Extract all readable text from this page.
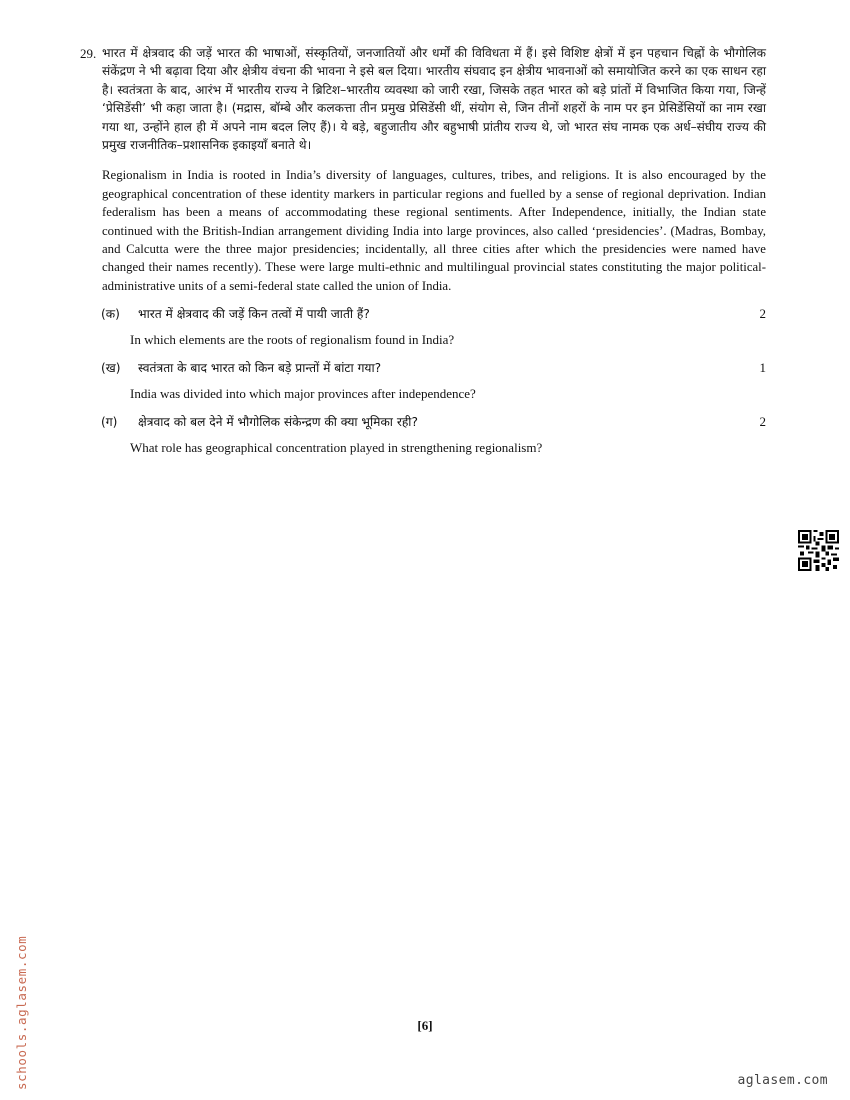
29. भारत में क्षेत्रवाद की जड़ें भारत की भाषाओं, संस्कृतियों, जनजातियों और धर्मों की विविधता में हैं। इसे विशिष्ट क्षेत्रों में इन पहचान चिह्नों के भौगोलिक संकेंद्रण ने भी बढ़ावा दिया और क्षेत्रीय वंचना की भावना ने इसे बल दिया। भारतीय संघवाद इन क्षेत्रीय भावनाओं को समायोजित करने का एक साधन रहा है। स्वतंत्रता के बाद, आरंभ में भारतीय राज्य ने ब्रिटिश–भारतीय व्यवस्था को जारी रखा, जिसके तहत भारत को बड़े प्रांतों में विभाजित किया गया, जिन्हें ‘प्रेसिडेंसी’ भी कहा जाता है। (मद्रास, बॉम्बे और कलकत्ता तीन प्रमुख प्रेसिडेंसी थीं, संयोग से, जिन तीनों शहरों के नाम पर इन प्रेसिडेंसियों का नाम रखा गया था, उन्होंने हाल ही में अपने नाम बदल लिए हैं)। ये बड़े, बहुजातीय और बहुभाषी प्रांतीय राज्य थे, जो भारत संघ नामक एक अर्ध–संघीय राज्य की प्रमुख राजनीतिक–प्रशासनिक इकाइयाँ बनाते थे।
Regionalism in India is rooted in India’s diversity of languages, cultures, tribes, and religions. It is also encouraged by the geographical concentration of these identity markers in particular regions and fuelled by a sense of regional deprivation. Indian federalism has been a means of accommodating these regional sentiments. After Independence, initially, the Indian state continued with the British-Indian arrangement dividing India into large provinces, also called ‘presidencies’. (Madras, Bombay, and Calcutta were the three major presidencies; incidentally, all three cities after which the presidencies were named have changed their names recently). These were large multi-ethnic and multilingual provincial states constituting the major political-administrative units of a semi-federal state called the union of India.
(क) भारत में क्षेत्रवाद की जड़ें किन तत्वों में पायी जाती हैं?	2
In which elements are the roots of regionalism found in India?
(ख) स्वतंत्रता के बाद भारत को किन बड़े प्रान्तों में बांटा गया?	1
India was divided into which major provinces after independence?
(ग) क्षेत्रवाद को बल देने में भौगोलिक संकेन्द्रण की क्या भूमिका रही?	2
What role has geographical concentration played in strengthening regionalism?
schools.aglasem.com	[6]
aglasem.com
